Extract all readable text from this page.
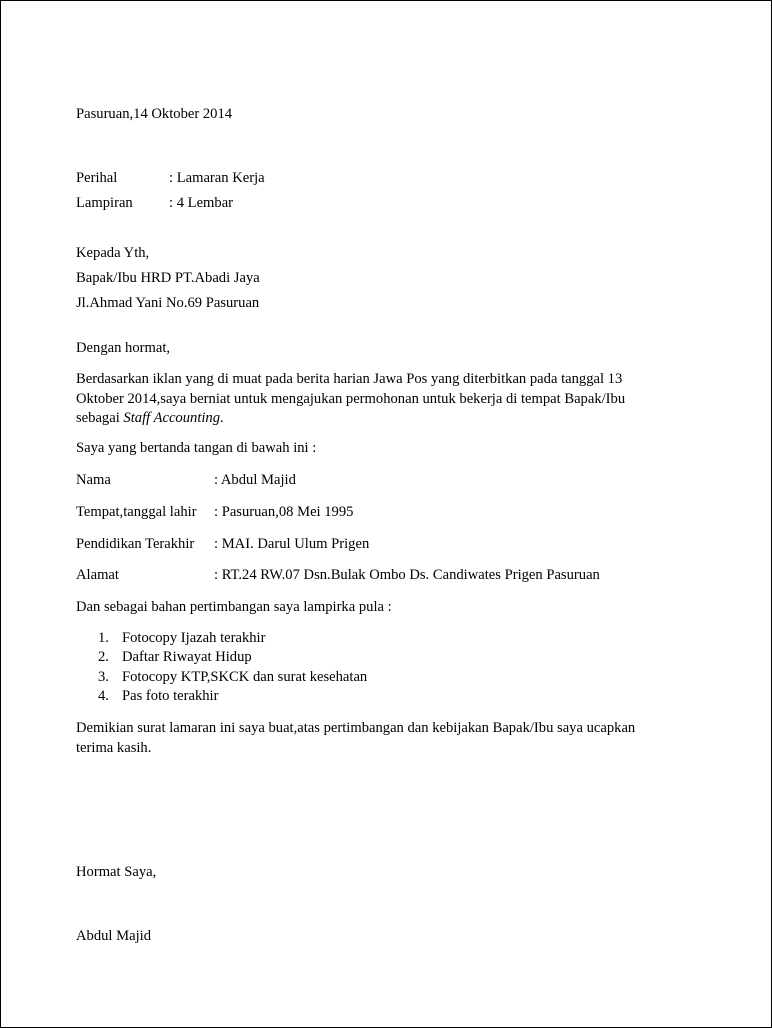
Pasuruan,14 Oktober 2014
Perihal	: Lamaran Kerja
Lampiran : 4 Lembar
Kepada Yth,
Bapak/Ibu HRD PT.Abadi Jaya
Jl.Ahmad Yani No.69 Pasuruan
Dengan hormat,
Berdasarkan iklan yang di muat pada berita harian Jawa Pos yang diterbitkan pada tanggal 13
Oktober 2014,saya berniat untuk mengajukan permohonan untuk bekerja di tempat Bapak/Ibu
sebagai Staff Accounting.
Saya yang bertanda tangan di bawah ini :
Nama	: Abdul Majid
Tempat,tanggal lahir : Pasuruan,08 Mei 1995
Pendidikan Terakhir : MAI. Darul Ulum Prigen
Alamat	: RT.24 RW.07 Dsn.Bulak Ombo Ds. Candiwates Prigen Pasuruan
Dan sebagai bahan pertimbangan saya lampirka pula :
1. Fotocopy Ijazah terakhir
2. Daftar Riwayat Hidup
3. Fotocopy KTP,SKCK dan surat kesehatan
4. Pas foto terakhir
Demikian surat lamaran ini saya buat,atas pertimbangan dan kebijakan Bapak/Ibu saya ucapkan
terima kasih.
Hormat Saya,
Abdul Majid
